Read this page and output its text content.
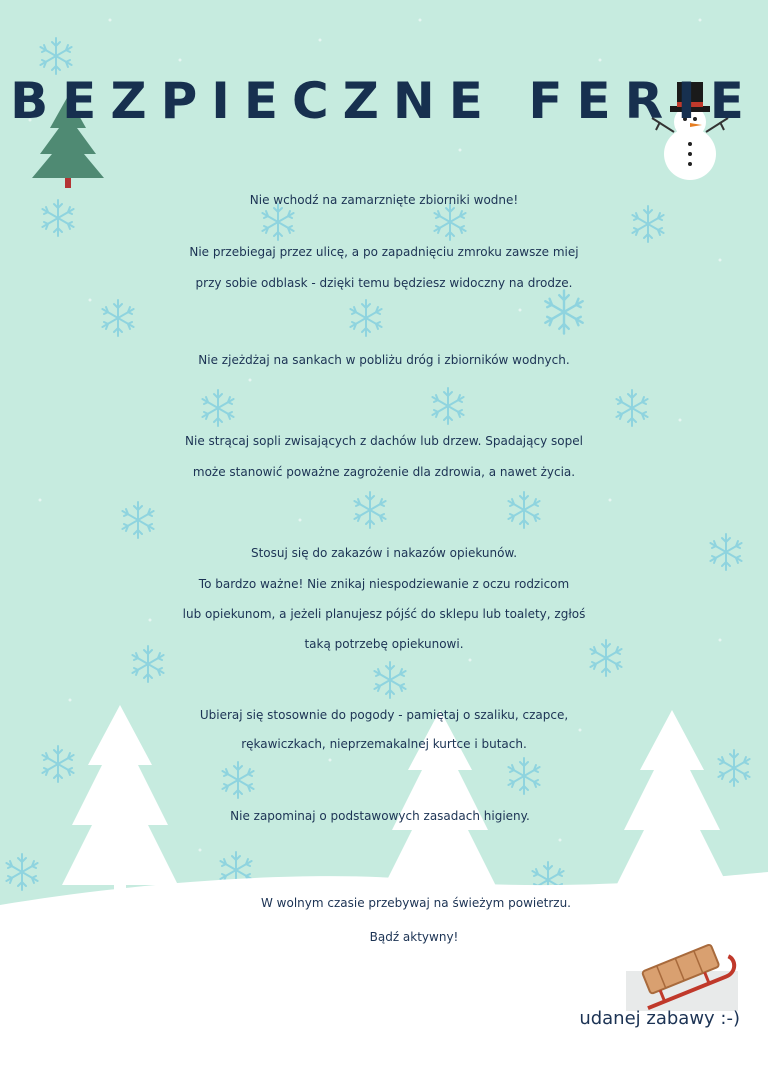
BEZPIECZNE FERIE
Nie wchodź na zamarznięte zbiorniki wodne!
Nie przebiegaj przez ulicę, a po zapadnięciu zmroku zawsze miej
przy sobie odblask - dzięki temu będziesz widoczny na drodze.
Nie zjeżdżaj na sankach w pobliżu dróg i zbiorników wodnych.
Nie strącaj sopli zwisających z dachów lub drzew. Spadający sopel
może stanowić poważne zagrożenie dla zdrowia, a nawet życia.
Stosuj się do zakazów i nakazów opiekunów.
To bardzo ważne! Nie znikaj niespodziewanie z oczu rodzicom
lub opiekunom, a jeżeli planujesz pójść do sklepu lub toalety, zgłoś
taką potrzebę opiekunowi.
Ubieraj się stosownie do pogody - pamiętaj o szaliku, czapce,
rękawiczkach, nieprzemakalnej kurtce i butach.
Nie zapominaj o podstawowych zasadach higieny.
W wolnym czasie przebywaj na świeżym powietrzu.
Bądź aktywny!
udanej zabawy :-)
